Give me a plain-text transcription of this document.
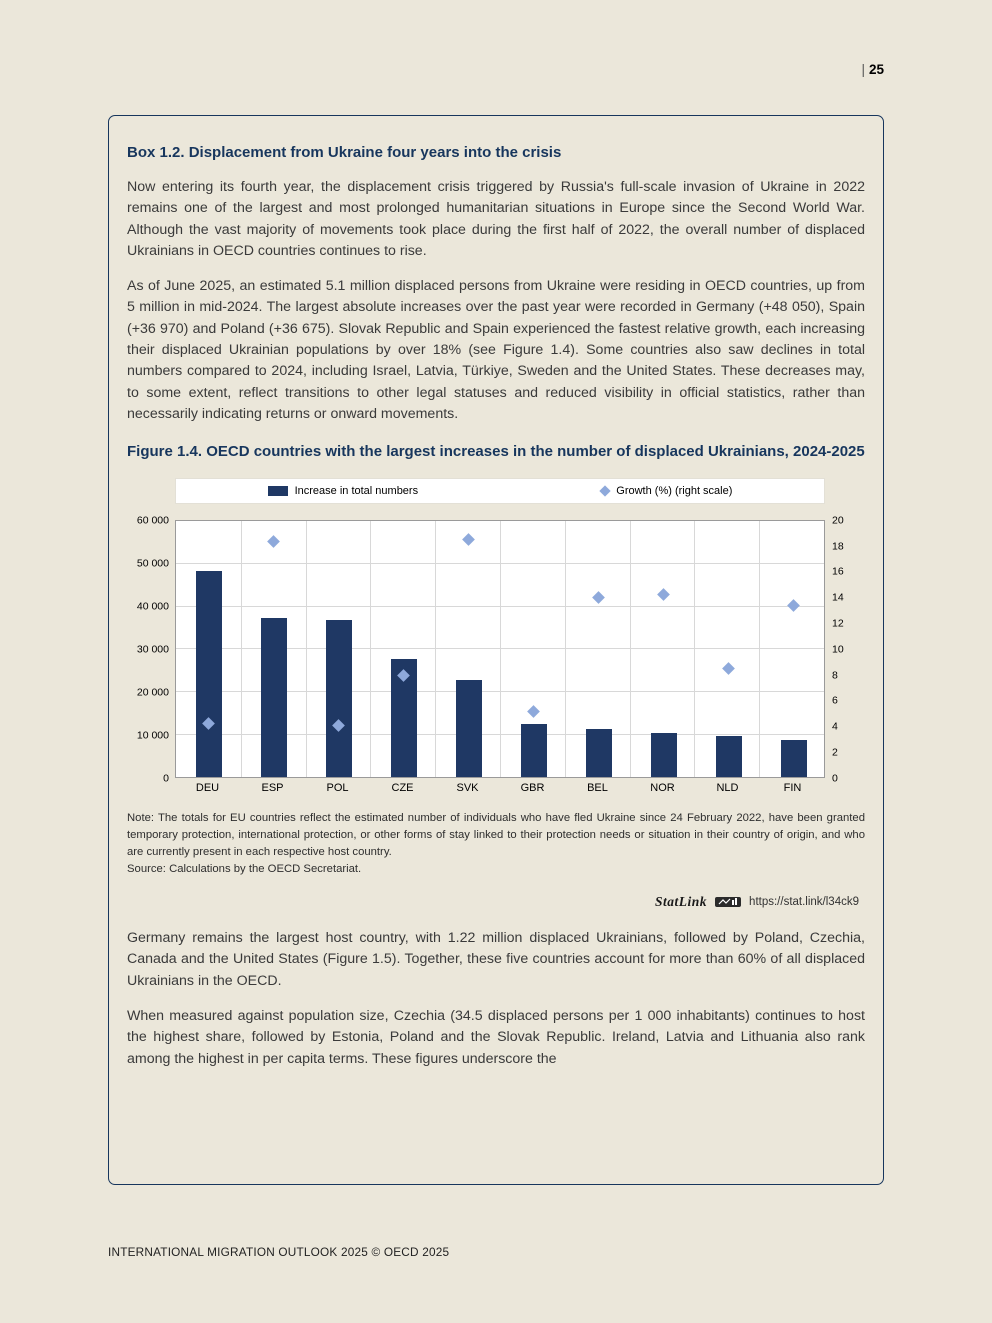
| 25
Box 1.2. Displacement from Ukraine four years into the crisis

Now entering its fourth year, the displacement crisis triggered by Russia's full-scale invasion of Ukraine in 2022 remains one of the largest and most prolonged humanitarian situations in Europe since the Second World War. Although the vast majority of movements took place during the first half of 2022, the overall number of displaced Ukrainians in OECD countries continues to rise.

As of June 2025, an estimated 5.1 million displaced persons from Ukraine were residing in OECD countries, up from 5 million in mid-2024. The largest absolute increases over the past year were recorded in Germany (+48 050), Spain (+36 970) and Poland (+36 675). Slovak Republic and Spain experienced the fastest relative growth, each increasing their displaced Ukrainian populations by over 18% (see Figure 1.4). Some countries also saw declines in total numbers compared to 2024, including Israel, Latvia, Türkiye, Sweden and the United States. These decreases may, to some extent, reflect transitions to other legal statuses and reduced visibility in official statistics, rather than necessarily indicating returns or onward movements.

Figure 1.4. OECD countries with the largest increases in the number of displaced Ukrainians, 2024-2025
Increase in total numbers	Growth (%) (right scale)
0
10 000
20 000
30 000
40 000
50 000
60 000
0
2
4
6
8
10
12
14
16
18
20
DEU	ESP	POL	CZE	SVK	GBR	BEL	NOR	NLD	FIN
Note: The totals for EU countries reflect the estimated number of individuals who have fled Ukraine since 24 February 2022, have been granted temporary protection, international protection, or other forms of stay linked to their protection needs or situation in their country of origin, and who are currently present in each respective host country.
Source: Calculations by the OECD Secretariat.
StatLink	https://stat.link/l34ck9

Germany remains the largest host country, with 1.22 million displaced Ukrainians, followed by Poland, Czechia, Canada and the United States (Figure 1.5). Together, these five countries account for more than 60% of all displaced Ukrainians in the OECD.

When measured against population size, Czechia (34.5 displaced persons per 1 000 inhabitants) continues to host the highest share, followed by Estonia, Poland and the Slovak Republic. Ireland, Latvia and Lithuania also rank among the highest in per capita terms. These figures underscore the

INTERNATIONAL MIGRATION OUTLOOK 2025 © OECD 2025
